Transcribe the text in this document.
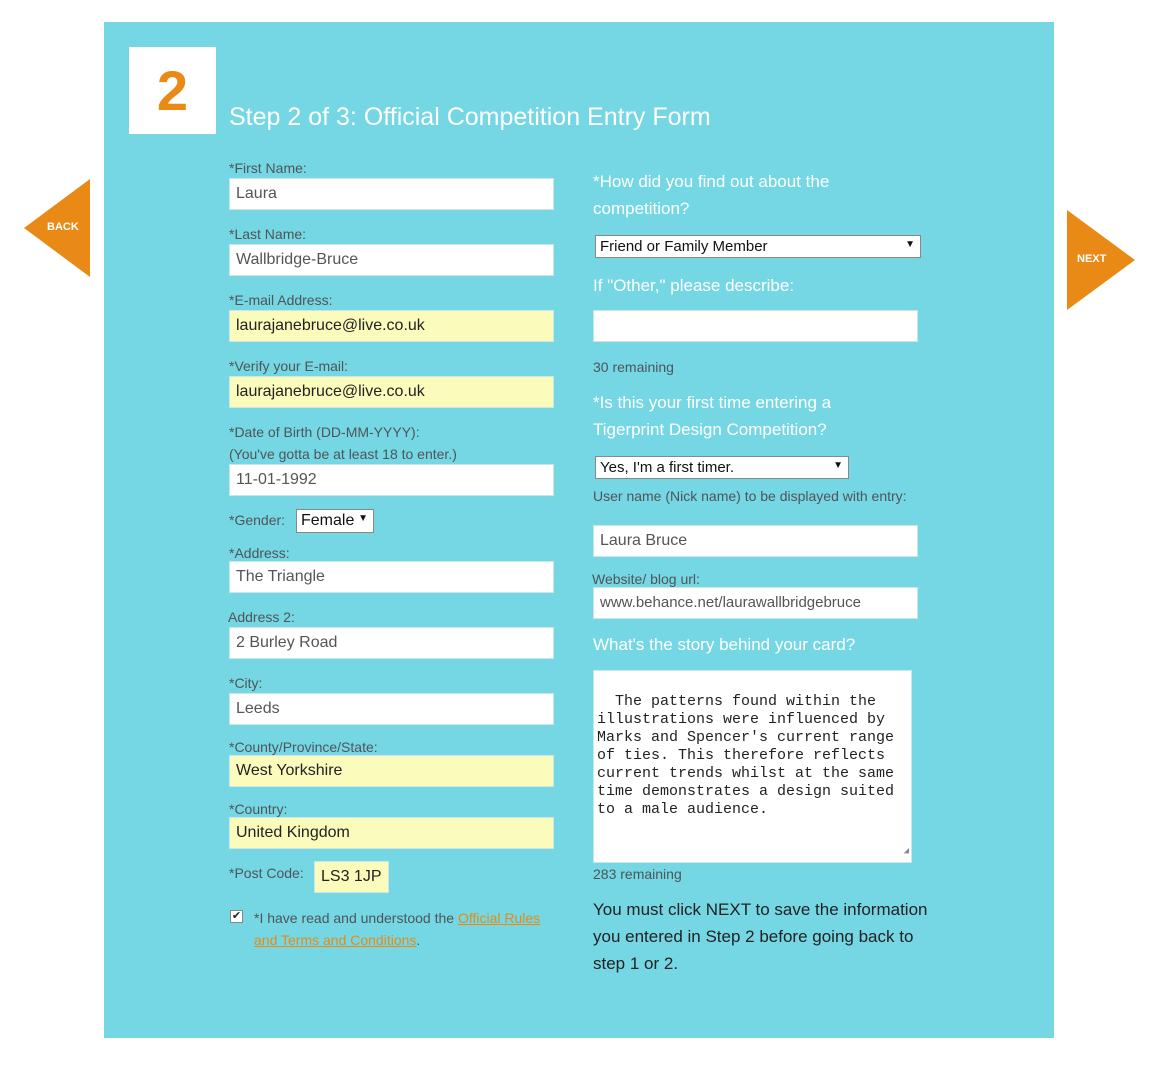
BACK
NEXT
2	Step 2 of 3: Official Competition Entry Form
*First Name:
Laura
*Last Name:
Wallbridge-Bruce
*E-mail Address:
laurajanebruce@live.co.uk
*Verify your E-mail:
laurajanebruce@live.co.uk
*Date of Birth (DD-MM-YYYY):
(You've gotta be at least 18 to enter.)
11-01-1992
*Gender: Female ▼
*Address:
The Triangle
Address 2:
2 Burley Road
*City:
Leeds
*County/Province/State:
West Yorkshire
*Country:
United Kingdom
*Post Code:	LS3 1JP
✔ *I have read and understood the Official Rules and Terms and Conditions.
*How did you find out about the competition?
Friend or Family Member	▼
If "Other," please describe:
30 remaining
*Is this your first time entering a Tigerprint Design Competition?
Yes, I'm a first timer.	▼
User name (Nick name) to be displayed with entry:
Laura Bruce
Website/ blog url:
www.behance.net/laurawallbridgebruce
What's the story behind your card?

The patterns found within the illustrations were influenced by Marks and Spencer's current range of ties. This therefore reflects current trends whilst at the same time demonstrates a design suited to a male audience.

◢

283 remaining
You must click NEXT to save the information you entered in Step 2 before going back to step 1 or 2.
